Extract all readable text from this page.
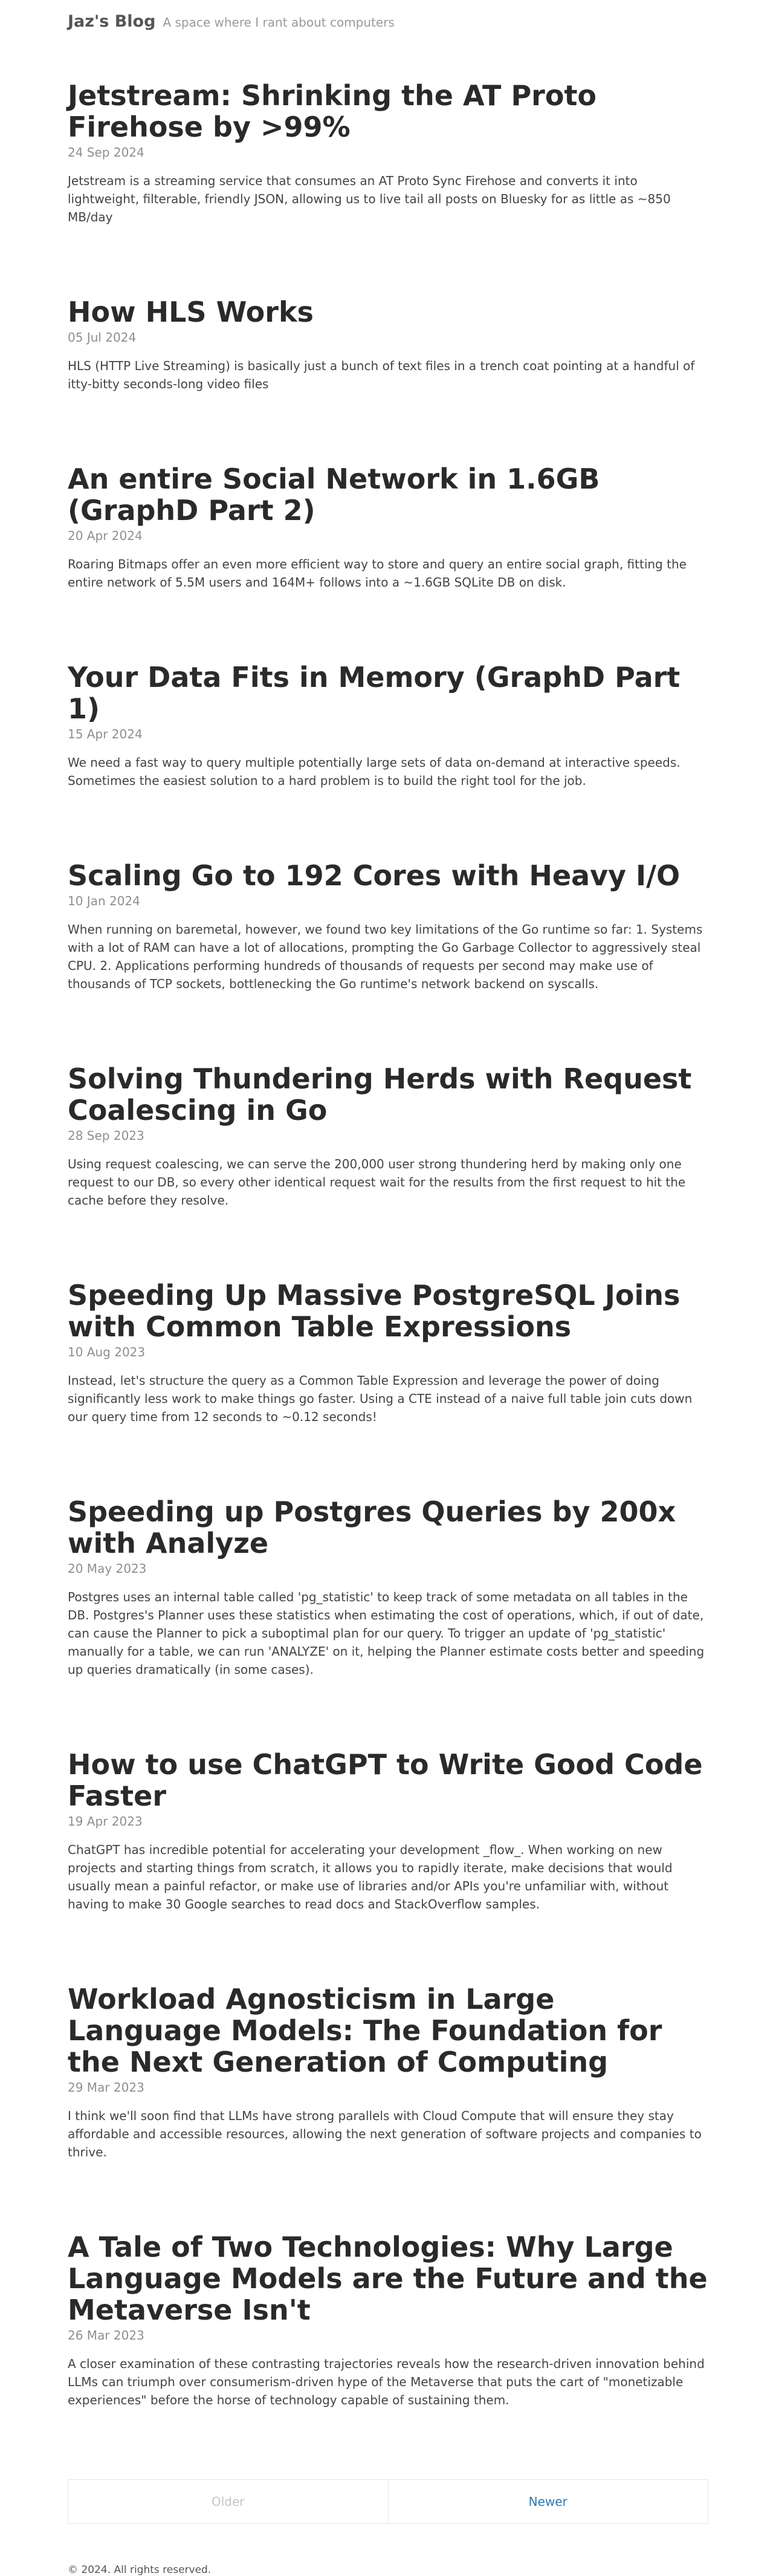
Jaz's Blog A space where I rant about computers
Jetstream: Shrinking the AT Proto Firehose by >99%
24 Sep 2024
Jetstream is a streaming service that consumes an AT Proto Sync Firehose and converts it into lightweight, filterable, friendly JSON, allowing us to live tail all posts on Bluesky for as little as ~850 MB/day
How HLS Works
05 Jul 2024
HLS (HTTP Live Streaming) is basically just a bunch of text files in a trench coat pointing at a handful of itty-bitty seconds-long video files
An entire Social Network in 1.6GB (GraphD Part 2)
20 Apr 2024
Roaring Bitmaps offer an even more efficient way to store and query an entire social graph, fitting the entire network of 5.5M users and 164M+ follows into a ~1.6GB SQLite DB on disk.
Your Data Fits in Memory (GraphD Part 1)
15 Apr 2024
We need a fast way to query multiple potentially large sets of data on-demand at interactive speeds. Sometimes the easiest solution to a hard problem is to build the right tool for the job.
Scaling Go to 192 Cores with Heavy I/O
10 Jan 2024
When running on baremetal, however, we found two key limitations of the Go runtime so far: 1. Systems with a lot of RAM can have a lot of allocations, prompting the Go Garbage Collector to aggressively steal CPU. 2. Applications performing hundreds of thousands of requests per second may make use of thousands of TCP sockets, bottlenecking the Go runtime's network backend on syscalls.
Solving Thundering Herds with Request Coalescing in Go
28 Sep 2023
Using request coalescing, we can serve the 200,000 user strong thundering herd by making only one request to our DB, so every other identical request wait for the results from the first request to hit the cache before they resolve.
Speeding Up Massive PostgreSQL Joins with Common Table Expressions
10 Aug 2023
Instead, let's structure the query as a Common Table Expression and leverage the power of doing significantly less work to make things go faster. Using a CTE instead of a naive full table join cuts down our query time from 12 seconds to ~0.12 seconds!
Speeding up Postgres Queries by 200x with Analyze
20 May 2023
Postgres uses an internal table called 'pg_statistic' to keep track of some metadata on all tables in the DB. Postgres's Planner uses these statistics when estimating the cost of operations, which, if out of date, can cause the Planner to pick a suboptimal plan for our query. To trigger an update of 'pg_statistic' manually for a table, we can run 'ANALYZE' on it, helping the Planner estimate costs better and speeding up queries dramatically (in some cases).
How to use ChatGPT to Write Good Code Faster
19 Apr 2023
ChatGPT has incredible potential for accelerating your development _flow_. When working on new projects and starting things from scratch, it allows you to rapidly iterate, make decisions that would usually mean a painful refactor, or make use of libraries and/or APIs you're unfamiliar with, without having to make 30 Google searches to read docs and StackOverflow samples.
Workload Agnosticism in Large Language Models: The Foundation for the Next Generation of Computing
29 Mar 2023
I think we'll soon find that LLMs have strong parallels with Cloud Compute that will ensure they stay affordable and accessible resources, allowing the next generation of software projects and companies to thrive.
A Tale of Two Technologies: Why Large Language Models are the Future and the Metaverse Isn't
26 Mar 2023
A closer examination of these contrasting trajectories reveals how the research-driven innovation behind LLMs can triumph over consumerism-driven hype of the Metaverse that puts the cart of "monetizable experiences" before the horse of technology capable of sustaining them.
Older	Newer
© 2024. All rights reserved.
